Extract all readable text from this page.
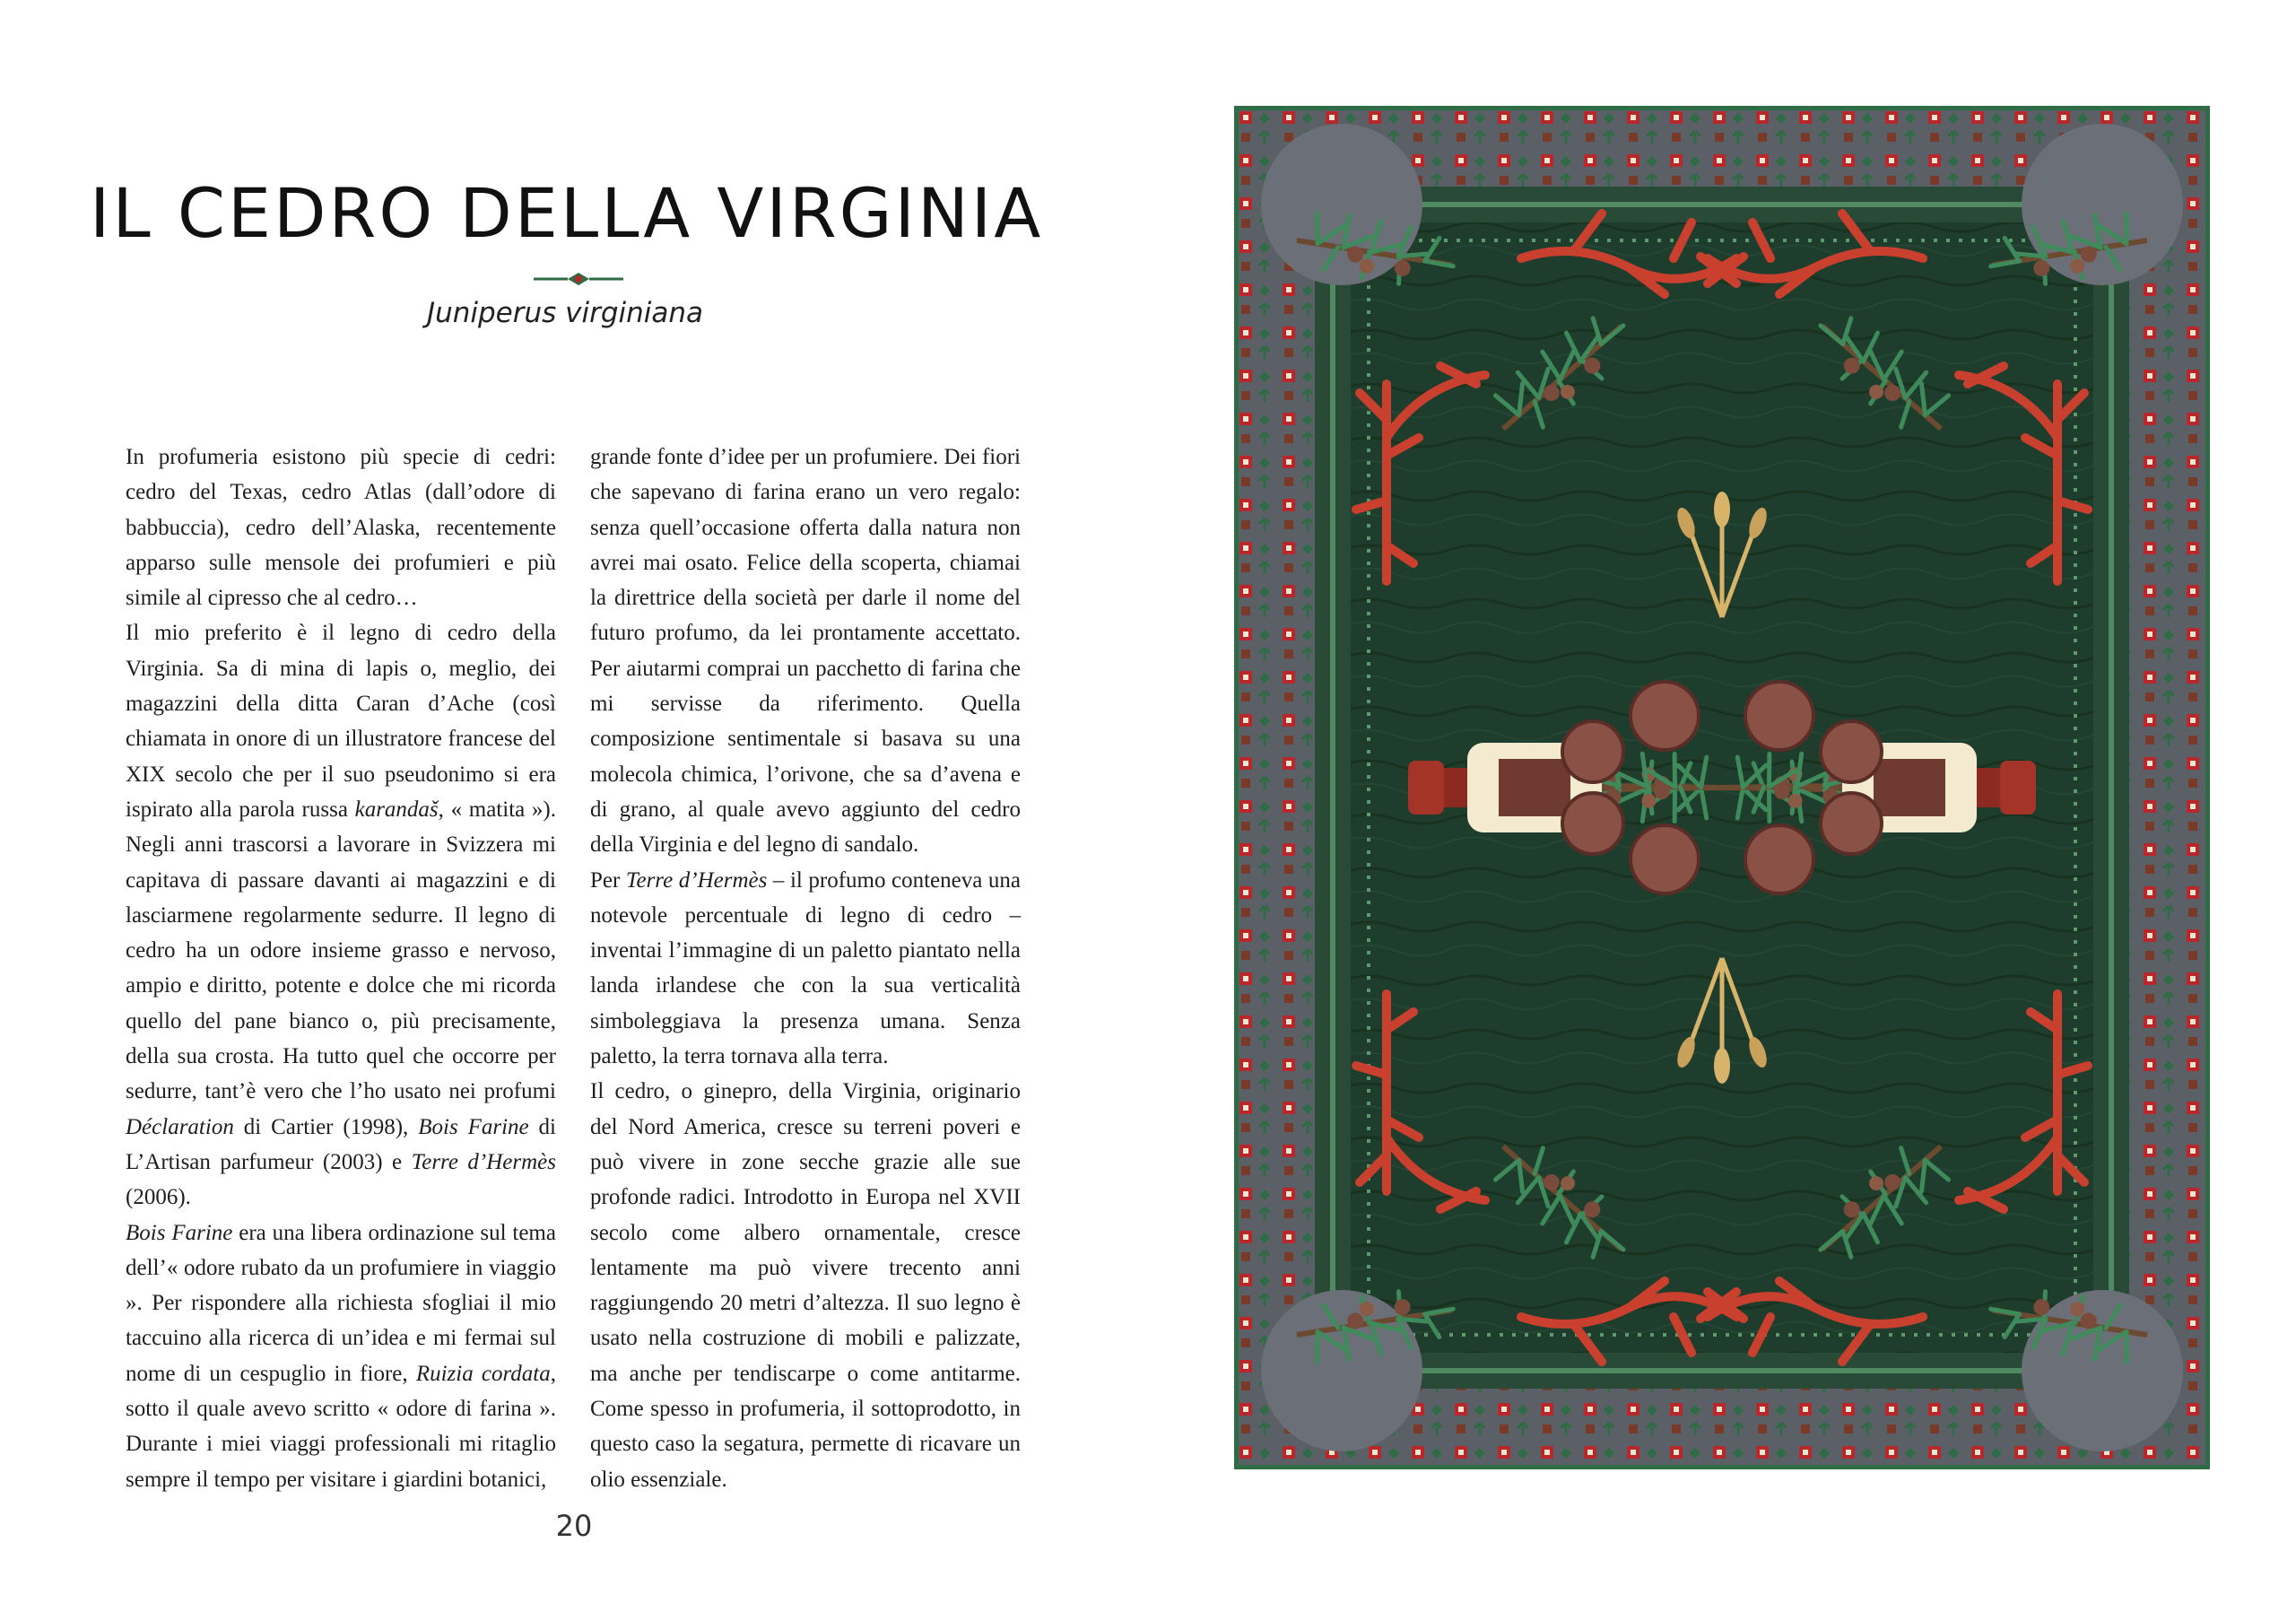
IL CEDRO DELLA VIRGINIA
Juniperus virginiana

In profumeria esistono più specie di cedri: cedro del Texas, cedro Atlas (dall’odore di babbuccia), cedro dell’Alaska, recentemente apparso sulle mensole dei profumieri e più simile al cipresso che al cedro…

Il mio preferito è il legno di cedro della Virginia. Sa di mina di lapis o, meglio, dei magazzini della ditta Caran d’Ache (così chiamata in onore di un illustratore francese del XIX secolo che per il suo pseudonimo si era ispirato alla parola russa karandaš, « matita »). Negli anni trascorsi a lavorare in Svizzera mi capitava di passare davanti ai magazzini e di lasciarmene regolarmente sedurre. Il legno di cedro ha un odore insieme grasso e nervoso, ampio e diritto, potente e dolce che mi ricorda quello del pane bianco o, più precisamente, della sua crosta. Ha tutto quel che occorre per sedurre, tant’è vero che l’ho usato nei profumi Déclaration di Cartier (1998), Bois Farine di L’Artisan parfumeur (2003) e Terre d’Hermès (2006).

Bois Farine era una libera ordinazione sul tema dell’« odore rubato da un profumiere in viaggio ». Per rispondere alla richiesta sfogliai il mio taccuino alla ricerca di un’idea e mi fermai sul nome di un cespuglio in fiore, Ruizia cordata, sotto il quale avevo scritto « odore di farina ». Durante i miei viaggi professionali mi ritaglio sempre il tempo per visitare i giardini botanici,

grande fonte d’idee per un profumiere. Dei fiori che sapevano di farina erano un vero regalo: senza quell’occasione offerta dalla natura non avrei mai osato. Felice della scoperta, chiamai la direttrice della società per darle il nome del futuro profumo, da lei prontamente accettato. Per aiutarmi comprai un pacchetto di farina che mi servisse da riferimento. Quella composizione sentimentale si basava su una molecola chimica, l’orivone, che sa d’avena e di grano, al quale avevo aggiunto del cedro della Virginia e del legno di sandalo.

Per Terre d’Hermès – il profumo conteneva una notevole percentuale di legno di cedro – inventai l’immagine di un paletto piantato nella landa irlandese che con la sua verticalità simboleggiava la presenza umana. Senza paletto, la terra tornava alla terra.

Il cedro, o ginepro, della Virginia, originario del Nord America, cresce su terreni poveri e può vivere in zone secche grazie alle sue profonde radici. Introdotto in Europa nel XVII secolo come albero ornamentale, cresce lentamente ma può vivere trecento anni raggiungendo 20 metri d’altezza. Il suo legno è usato nella costruzione di mobili e palizzate, ma anche per tendiscarpe o come antitarme. Come spesso in profumeria, il sottoprodotto, in questo caso la segatura, permette di ricavare un olio essenziale.

20
